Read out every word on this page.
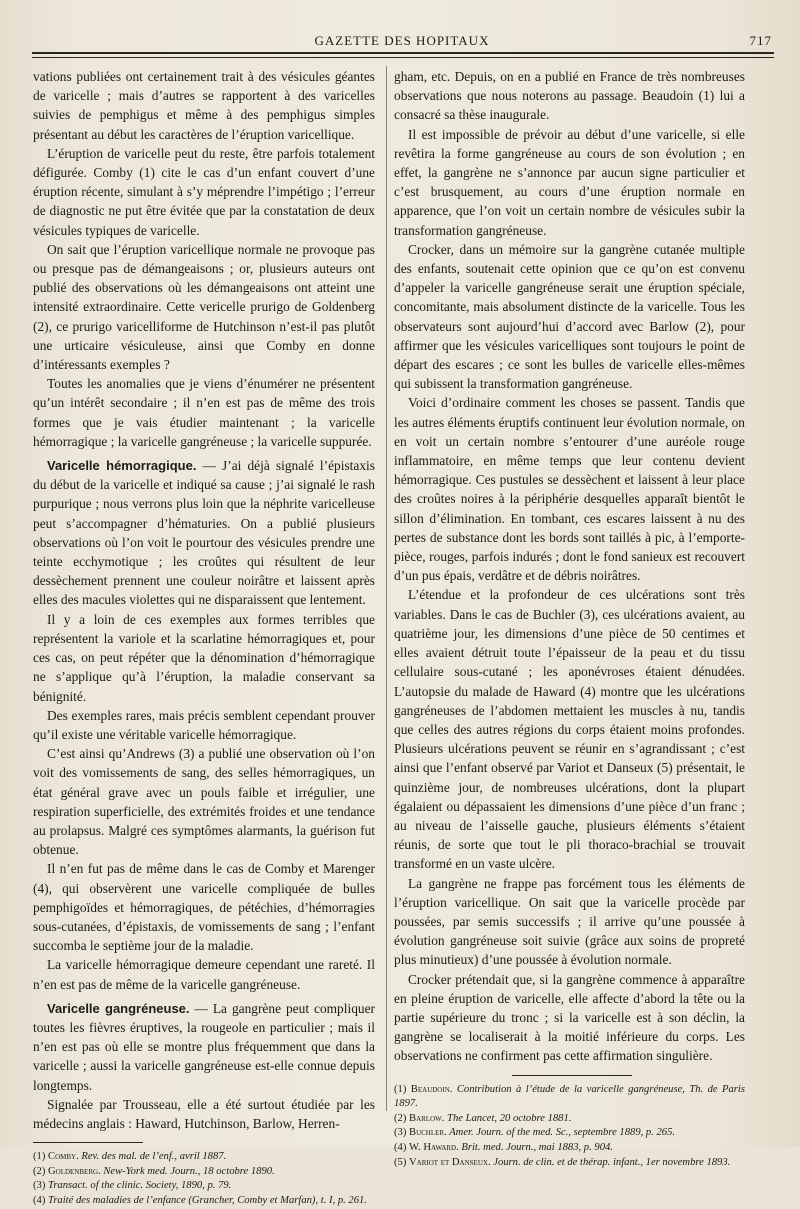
GAZETTE DES HOPITAUX	717

vations publiées ont certainement trait à des vésicules géantes de varicelle ; mais d’autres se rapportent à des varicelles suivies de pemphigus et même à des pemphigus simples présentant au début les caractères de l’éruption varicellique.

L’éruption de varicelle peut du reste, être parfois totalement défigurée. Comby (1) cite le cas d’un enfant couvert d’une éruption récente, simulant à s’y méprendre l’impétigo ; l’erreur de diagnostic ne put être évitée que par la constatation de deux vésicules typiques de varicelle.

On sait que l’éruption varicellique normale ne provoque pas ou presque pas de démangeaisons ; or, plusieurs auteurs ont publié des observations où les démangeaisons ont atteint une intensité extraordinaire. Cette vericelle prurigo de Goldenberg (2), ce prurigo varicelliforme de Hutchinson n’est-il pas plutôt une urticaire vésiculeuse, ainsi que Comby en donne d’intéressants exemples ?

Toutes les anomalies que je viens d’énumérer ne présentent qu’un intérêt secondaire ; il n’en est pas de même des trois formes que je vais étudier maintenant ; la varicelle hémorragique ; la varicelle gangréneuse ; la varicelle suppurée.

Varicelle hémorragique. — J’ai déjà signalé l’épistaxis du début de la varicelle et indiqué sa cause ; j’ai signalé le rash purpurique ; nous verrons plus loin que la néphrite varicelleuse peut s’accompagner d’hématuries. On a publié plusieurs observations où l’on voit le pourtour des vésicules prendre une teinte ecchymotique ; les croûtes qui résultent de leur dessèchement prennent une couleur noirâtre et laissent après elles des macules violettes qui ne disparaissent que lentement.

Il y a loin de ces exemples aux formes terribles que représentent la variole et la scarlatine hémorragiques et, pour ces cas, on peut répéter que la dénomination d’hémorragique ne s’applique qu’à l’éruption, la maladie conservant sa bénignité.

Des exemples rares, mais précis semblent cependant prouver qu’il existe une véritable varicelle hémorragique.

C’est ainsi qu’Andrews (3) a publié une observation où l’on voit des vomissements de sang, des selles hémorragiques, un état général grave avec un pouls faible et irrégulier, une respiration superficielle, des extrémités froides et une tendance au prolapsus. Malgré ces symptômes alarmants, la guérison fut obtenue.

Il n’en fut pas de même dans le cas de Comby et Marenger (4), qui observèrent une varicelle compliquée de bulles pemphigoïdes et hémorragiques, de pétéchies, d’hémorragies sous-cutanées, d’épistaxis, de vomissements de sang ; l’enfant succomba le septième jour de la maladie.

La varicelle hémorragique demeure cependant une rareté. Il n’en est pas de même de la varicelle gangréneuse.

Varicelle gangréneuse. — La gangrène peut compliquer toutes les fièvres éruptives, la rougeole en particulier ; mais il n’en est pas où elle se montre plus fréquemment que dans la varicelle ; aussi la varicelle gangréneuse est-elle connue depuis longtemps.

Signalée par Trousseau, elle a été surtout étudiée par les médecins anglais : Haward, Hutchinson, Barlow, Herren-

(1) Comby. Rev. des mal. de l’enf., avril 1887.

(2) Goldenberg. New-York med. Journ., 18 octobre 1890.

(3) Transact. of the clinic. Society, 1890, p. 79.

(4) Traité des maladies de l’enfance (Grancher, Comby et Marfan), t. I, p. 261.

gham, etc. Depuis, on en a publié en France de très nombreuses observations que nous noterons au passage. Beaudoin (1) lui a consacré sa thèse inaugurale.

Il est impossible de prévoir au début d’une varicelle, si elle revêtira la forme gangréneuse au cours de son évolution ; en effet, la gangrène ne s’annonce par aucun signe particulier et c’est brusquement, au cours d’une éruption normale en apparence, que l’on voit un certain nombre de vésicules subir la transformation gangréneuse.

Crocker, dans un mémoire sur la gangrène cutanée multiple des enfants, soutenait cette opinion que ce qu’on est convenu d’appeler la varicelle gangréneuse serait une éruption spéciale, concomitante, mais absolument distincte de la varicelle. Tous les observateurs sont aujourd’hui d’accord avec Barlow (2), pour affirmer que les vésicules varicelliques sont toujours le point de départ des escares ; ce sont les bulles de varicelle elles-mêmes qui subissent la transformation gangréneuse.

Voici d’ordinaire comment les choses se passent. Tandis que les autres éléments éruptifs continuent leur évolution normale, on en voit un certain nombre s’entourer d’une auréole rouge inflammatoire, en même temps que leur contenu devient hémorragique. Ces pustules se dessèchent et laissent à leur place des croûtes noires à la périphérie desquelles apparaît bientôt le sillon d’élimination. En tombant, ces escares laissent à nu des pertes de substance dont les bords sont taillés à pic, à l’emporte-pièce, rouges, parfois indurés ; dont le fond sanieux est recouvert d’un pus épais, verdâtre et de débris noirâtres.

L’étendue et la profondeur de ces ulcérations sont très variables. Dans le cas de Buchler (3), ces ulcérations avaient, au quatrième jour, les dimensions d’une pièce de 50 centimes et elles avaient détruit toute l’épaisseur de la peau et du tissu cellulaire sous-cutané ; les aponévroses étaient dénudées. L’autopsie du malade de Haward (4) montre que les ulcérations gangréneuses de l’abdomen mettaient les muscles à nu, tandis que celles des autres régions du corps étaient moins profondes. Plusieurs ulcérations peuvent se réunir en s’agrandissant ; c’est ainsi que l’enfant observé par Variot et Danseux (5) présentait, le quinzième jour, de nombreuses ulcérations, dont la plupart égalaient ou dépassaient les dimensions d’une pièce d’un franc ; au niveau de l’aisselle gauche, plusieurs éléments s’étaient réunis, de sorte que tout le pli thoraco-brachial se trouvait transformé en un vaste ulcère.

La gangrène ne frappe pas forcément tous les éléments de l’éruption varicellique. On sait que la varicelle procède par poussées, par semis successifs ; il arrive qu’une poussée à évolution gangréneuse soit suivie (grâce aux soins de propreté plus minutieux) d’une poussée à évolution normale.

Crocker prétendait que, si la gangrène commence à apparaître en pleine éruption de varicelle, elle affecte d’abord la tête ou la partie supérieure du tronc ; si la varicelle est à son déclin, la gangrène se localiserait à la moitié inférieure du corps. Les observations ne confirment pas cette affirmation singulière.

(1) Beaudoin. Contribution à l’étude de la varicelle gangréneuse, Th. de Paris 1897.

(2) Barlow. The Lancet, 20 octobre 1881.

(3) Buchler. Amer. Journ. of the med. Sc., septembre 1889, p. 265.

(4) W. Haward. Brit. med. Journ., mai 1883, p. 904.

(5) Variot et Danseux. Journ. de clin. et de thérap. infant., 1er novembre 1893.
